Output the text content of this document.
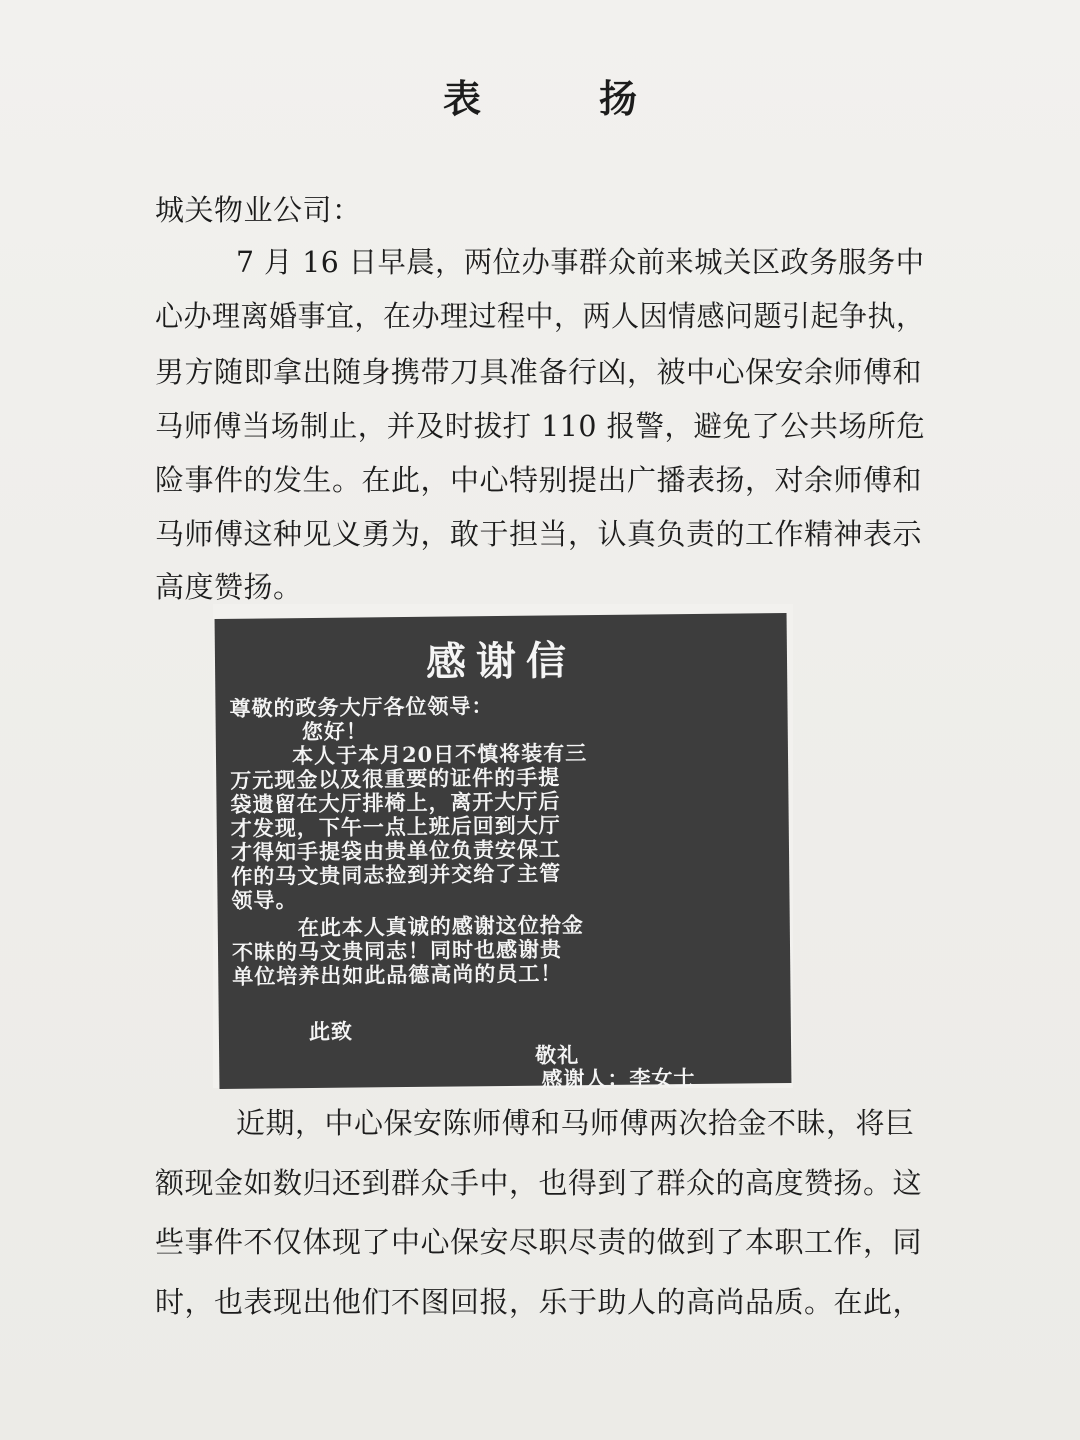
表　扬
城关物业公司：
7 月 16 日早晨，两位办事群众前来城关区政务服务中
心办理离婚事宜，在办理过程中，两人因情感问题引起争执，
男方随即拿出随身携带刀具准备行凶，被中心保安余师傅和
马师傅当场制止，并及时拔打 110 报警，避免了公共场所危
险事件的发生。在此，中心特别提出广播表扬，对余师傅和
马师傅这种见义勇为，敢于担当，认真负责的工作精神表示
高度赞扬。
感谢信
尊敬的政务大厅各位领导：
您好！
本人于本月20日不慎将装有三
万元现金以及很重要的证件的手提
袋遗留在大厅排椅上，离开大厅后
才发现，下午一点上班后回到大厅
才得知手提袋由贵单位负责安保工
作的马文贵同志捡到并交给了主管
领导。
在此本人真诚的感谢这位拾金
不昧的马文贵同志！同时也感谢贵
单位培养出如此品德高尚的员工！
此致
敬礼
感谢人：李女士
近期，中心保安陈师傅和马师傅两次拾金不昧，将巨
额现金如数归还到群众手中，也得到了群众的高度赞扬。这
些事件不仅体现了中心保安尽职尽责的做到了本职工作，同
时，也表现出他们不图回报，乐于助人的高尚品质。在此，
